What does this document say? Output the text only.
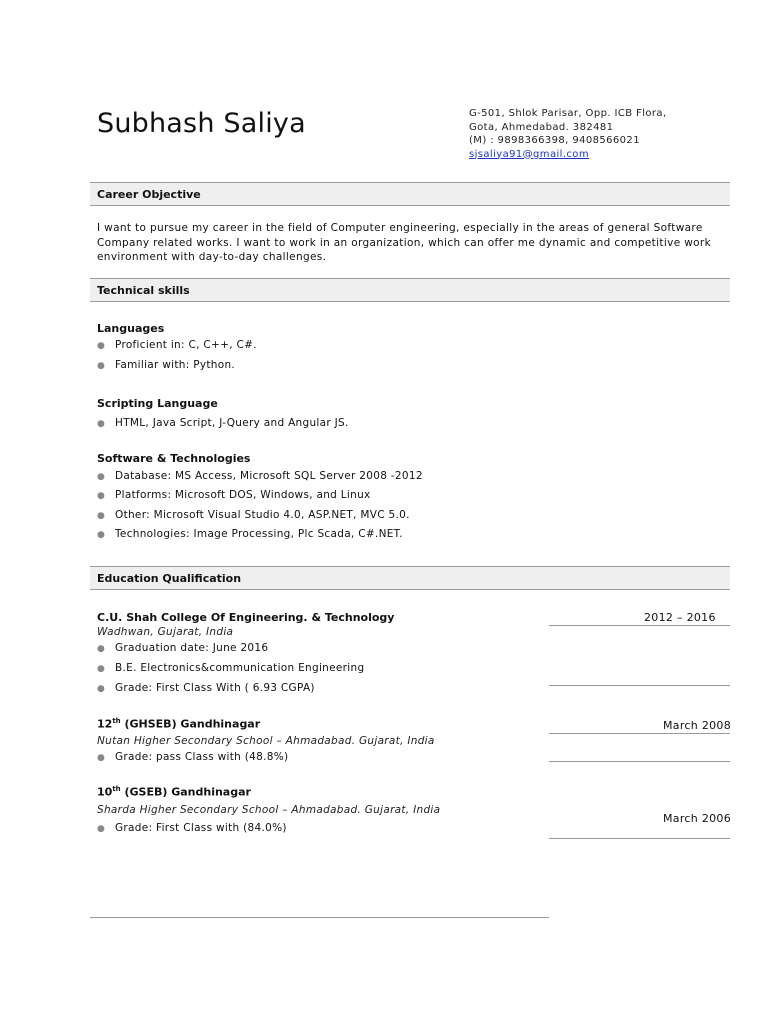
Subhash Saliya	G-501, Shlok Parisar, Opp. ICB Flora,
Gota, Ahmedabad. 382481
(M) : 9898366398, 9408566021
sjsaliya91@gmail.com
Career Objective
I want to pursue my career in the field of Computer engineering, especially in the areas of general Software Company related works. I want to work in an organization, which can offer me dynamic and competitive work environment with day-to-day challenges.
Technical skills
Languages
● Proficient in: C, C++, C#.
● Familiar with: Python.
Scripting Language
● HTML, Java Script, J-Query and Angular JS.
Software & Technologies
● Database: MS Access, Microsoft SQL Server 2008 -2012
● Platforms: Microsoft DOS, Windows, and Linux
● Other: Microsoft Visual Studio 4.0, ASP.NET, MVC 5.0.
● Technologies: Image Processing, Plc Scada, C#.NET.
Education Qualification
C.U. Shah College Of Engineering. & Technology	2012 – 2016
Wadhwan, Gujarat, India
● Graduation date: June 2016
● B.E. Electronics&communication Engineering
● Grade: First Class With ( 6.93 CGPA)
12th (GHSEB) Gandhinagar	March 2008
Nutan Higher Secondary School – Ahmadabad. Gujarat, India
● Grade: pass Class with (48.8%)
10th (GSEB) Gandhinagar
Sharda Higher Secondary School – Ahmadabad. Gujarat, India
March 2006
● Grade: First Class with (84.0%)
